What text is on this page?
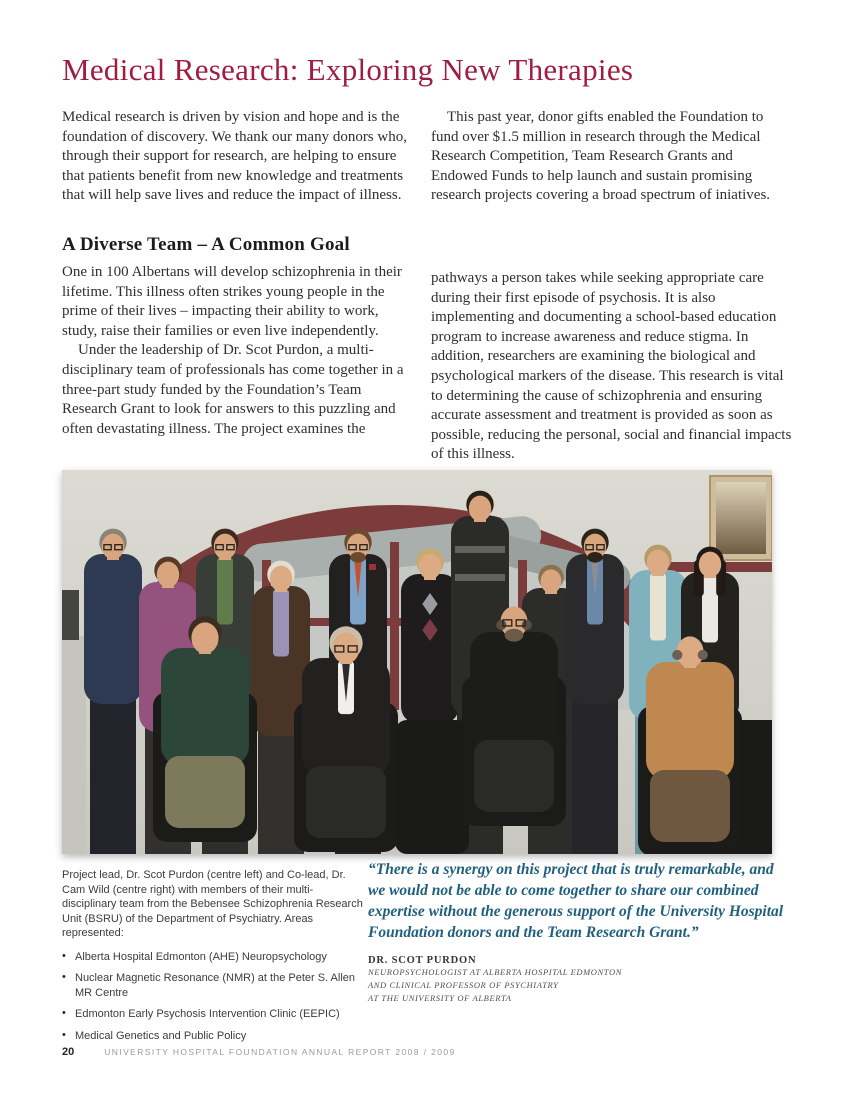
Medical Research: Exploring New Therapies

Medical research is driven by vision and hope and is the foundation of discovery. We thank our many donors who, through their support for research, are helping to ensure that patients benefit from new knowledge and treatments that will help save lives and reduce the impact of illness.

This past year, donor gifts enabled the Foundation to fund over $1.5 million in research through the Medical Research Competition, Team Research Grants and Endowed Funds to help launch and sustain promising research projects covering a broad spectrum of iniatives.

A Diverse Team – A Common Goal

One in 100 Albertans will develop schizophrenia in their lifetime. This illness often strikes young people in the prime of their lives – impacting their ability to work, study, raise their families or even live independently.

Under the leadership of Dr. Scot Purdon, a multi-disciplinary team of professionals has come together in a three-part study funded by the Foundation’s Team Research Grant to look for answers to this puzzling and often devastating illness. The project examines the

pathways a person takes while seeking appropriate care during their first episode of psychosis. It is also implementing and documenting a school-based education program to increase awareness and reduce stigma. In addition, researchers are examining the biological and psychological markers of the disease. This research is vital to determining the cause of schizophrenia and ensuring accurate assessment and treatment is provided as soon as possible, reducing the personal, social and financial impacts of this illness.

Project lead, Dr. Scot Purdon (centre left) and Co-lead, Dr. Cam Wild (centre right) with members of their multi-disciplinary team from the Bebensee Schizophrenia Research Unit (BSRU) of the Department of Psychiatry. Areas represented:

• Alberta Hospital Edmonton (AHE) Neuropsychology
• Nuclear Magnetic Resonance (NMR) at the Peter S. Allen MR Centre
• Edmonton Early Psychosis Intervention Clinic (EEPIC)
• Medical Genetics and Public Policy

“There is a synergy on this project that is truly remarkable, and we would not be able to come together to share our combined expertise without the generous support of the University Hospital Foundation donors and the Team Research Grant.”

DR. SCOT PURDON

NEUROPSYCHOLOGIST AT ALBERTA HOSPITAL EDMONTON

AND CLINICAL PROFESSOR OF PSYCHIATRY

AT THE UNIVERSITY OF ALBERTA

20	UNIVERSITY HOSPITAL FOUNDATION ANNUAL REPORT 2008 / 2009
